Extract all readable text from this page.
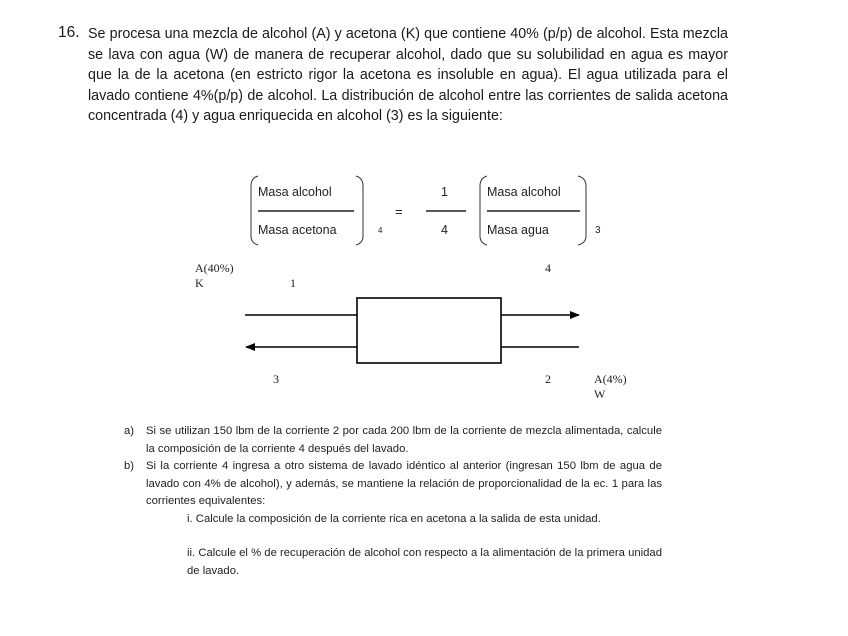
16. Se procesa una mezcla de alcohol (A) y acetona (K) que contiene 40% (p/p) de alcohol. Esta mezcla se lava con agua (W) de manera de recuperar alcohol, dado que su solubilidad en agua es mayor que la de la acetona (en estricto rigor la acetona es insoluble en agua). El agua utilizada para el lavado contiene 4%(p/p) de alcohol. La distribución de alcohol entre las corrientes de salida acetona concentrada (4) y agua enriquecida en alcohol (3) es la siguiente:
Masa alcohol
Masa acetona	4
=
1
4
Masa alcohol
Masa agua	3
A(40%)
K	1
4
3	2	A(4%)
W
a) Si se utilizan 150 lbm de la corriente 2 por cada 200 lbm de la corriente de mezcla alimentada, calcule la composición de la corriente 4 después del lavado.
b) Si la corriente 4 ingresa a otro sistema de lavado idéntico al anterior (ingresan 150 lbm de agua de lavado con 4% de alcohol), y además, se mantiene la relación de proporcionalidad de la ec. 1 para las corrientes equivalentes:
i. Calcule la composición de la corriente rica en acetona a la salida de esta unidad.
ii. Calcule el % de recuperación de alcohol con respecto a la alimentación de la primera unidad de lavado.
